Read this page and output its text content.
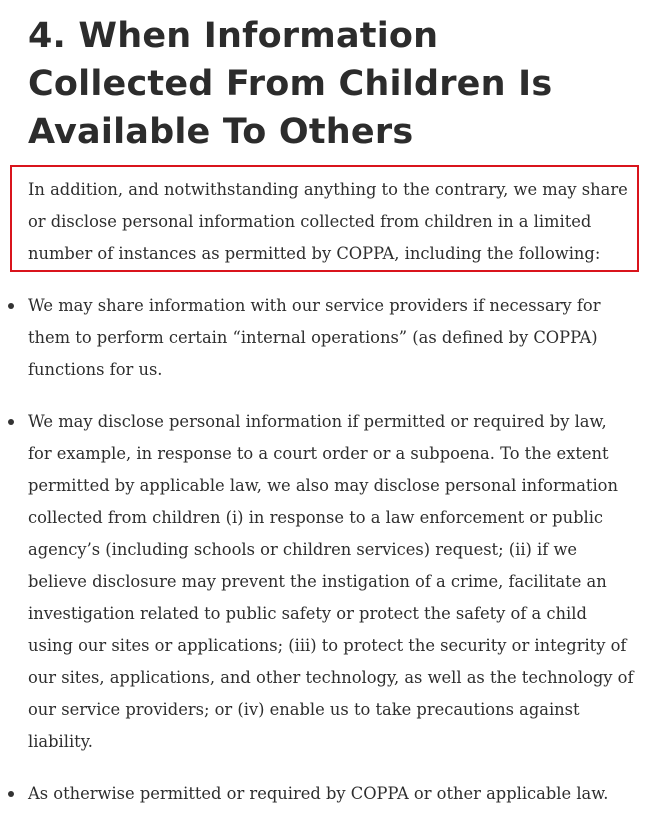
4. When Information Collected From Children Is Available To Others

In addition, and notwithstanding anything to the contrary, we may share or disclose personal information collected from children in a limited number of instances as permitted by COPPA, including the following:

We may share information with our service providers if necessary for them to perform certain “internal operations” (as defined by COPPA) functions for us.
We may disclose personal information if permitted or required by law, for example, in response to a court order or a subpoena. To the extent permitted by applicable law, we also may disclose personal information collected from children (i) in response to a law enforcement or public agency’s (including schools or children services) request; (ii) if we believe disclosure may prevent the instigation of a crime, facilitate an investigation related to public safety or protect the safety of a child using our sites or applications; (iii) to protect the security or integrity of our sites, applications, and other technology, as well as the technology of our service providers; or (iv) enable us to take precautions against liability.
As otherwise permitted or required by COPPA or other applicable law.
